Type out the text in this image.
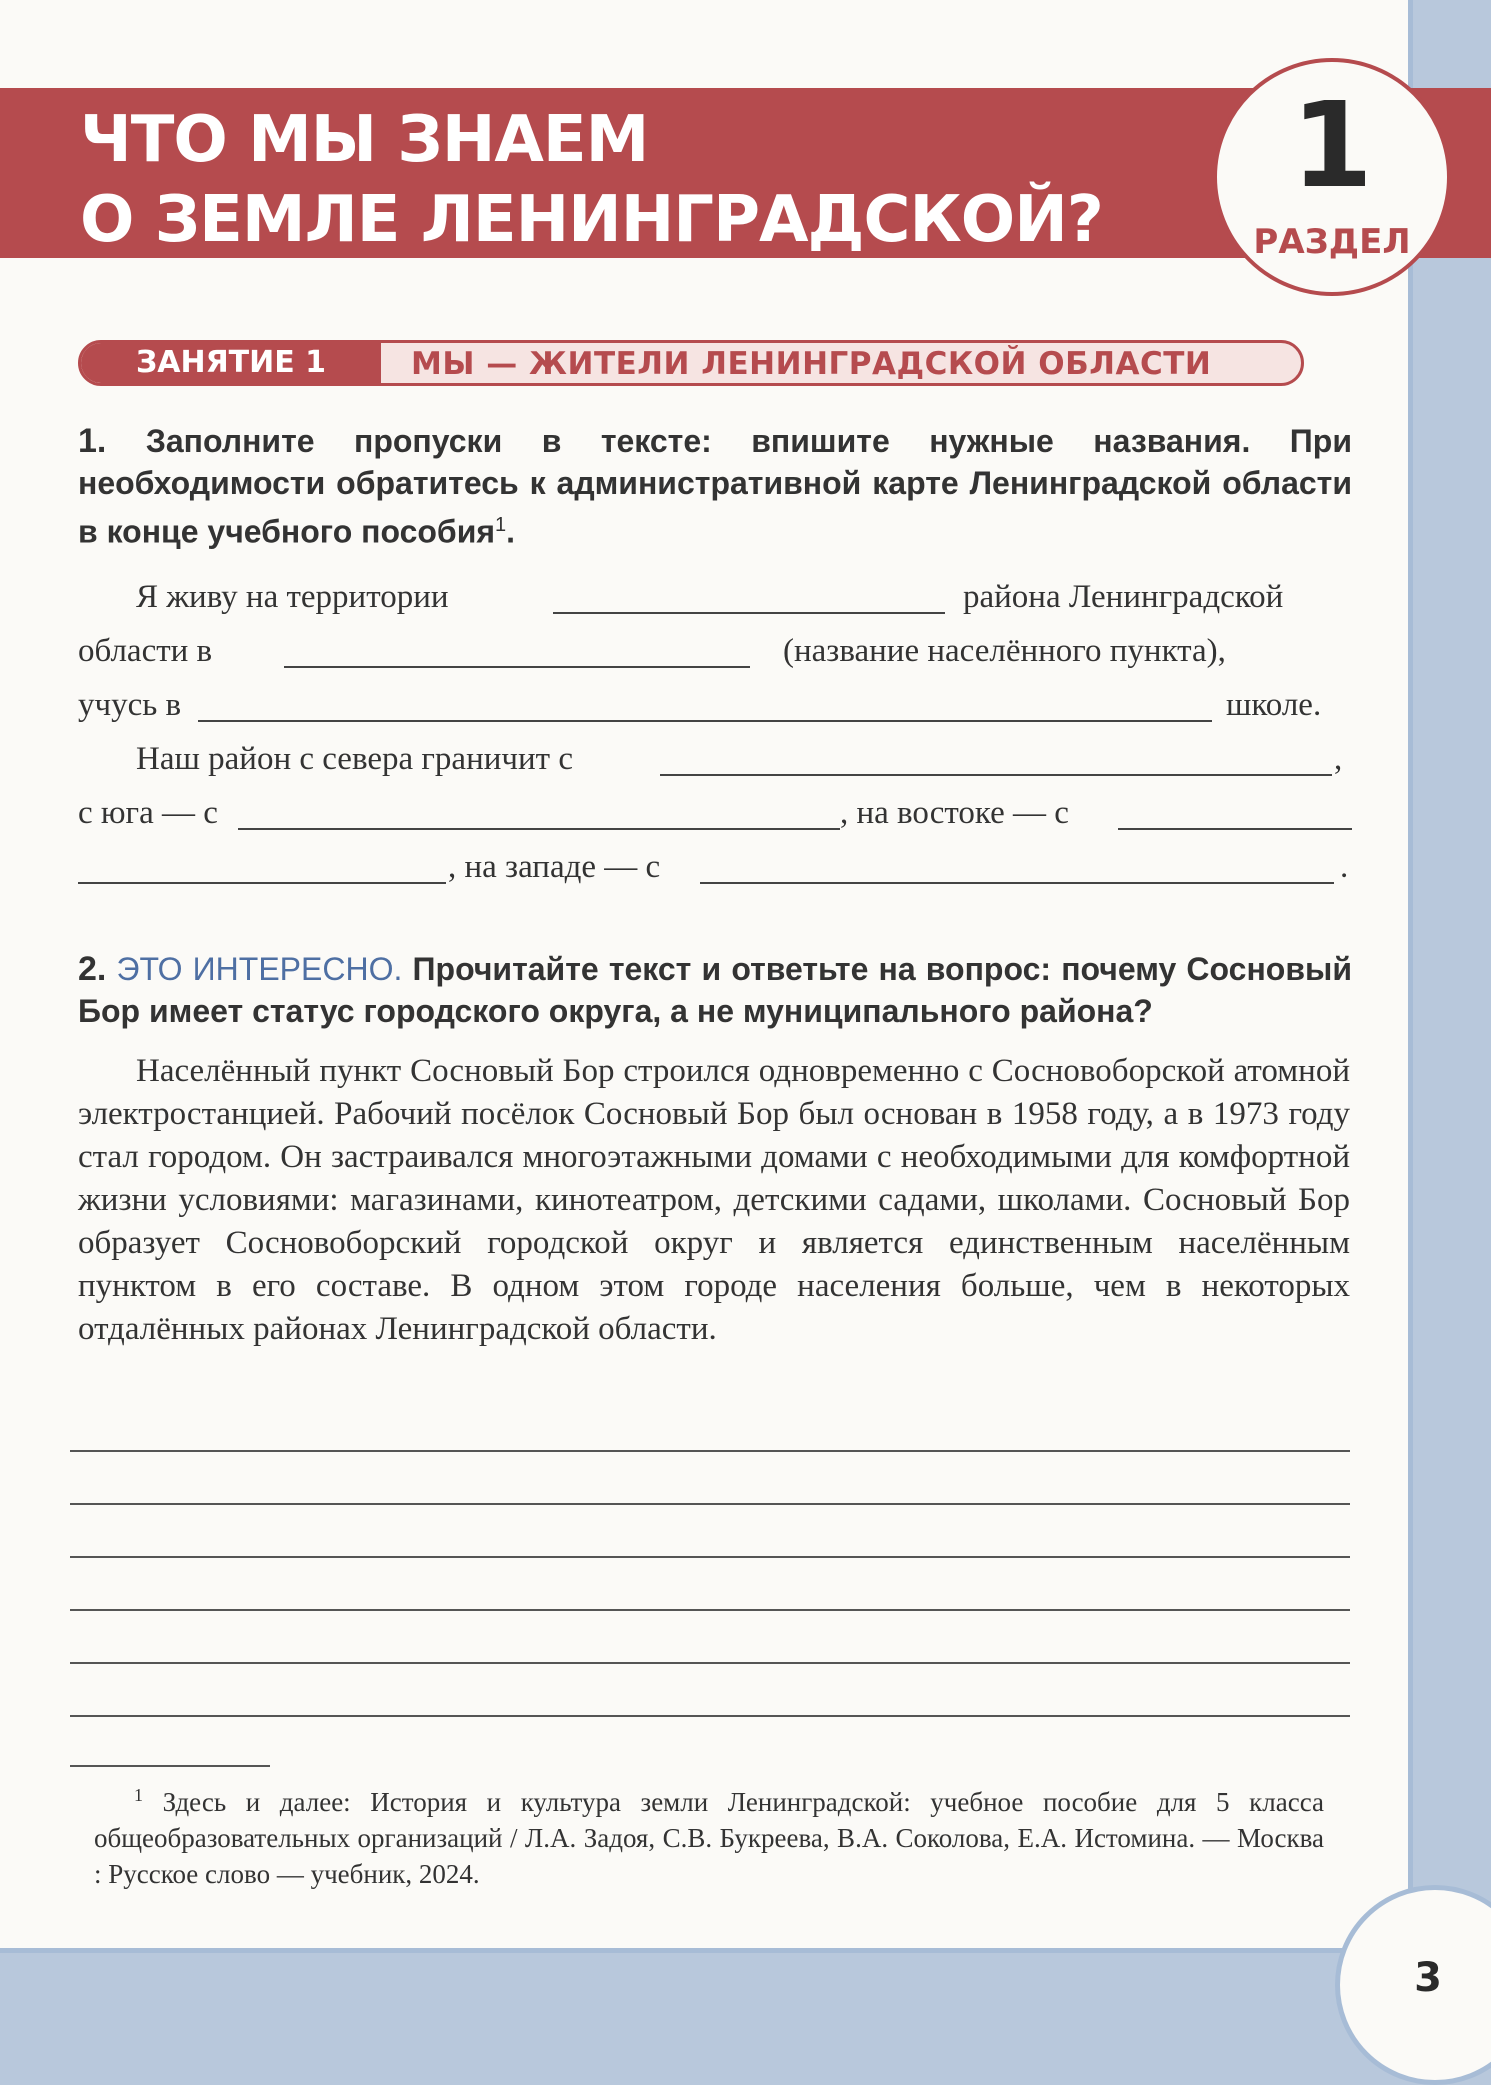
ЧТО МЫ ЗНАЕМ
О ЗЕМЛЕ ЛЕНИНГРАДСКОЙ?
1
РАЗДЕЛ
ЗАНЯТИЕ 1	МЫ — ЖИТЕЛИ ЛЕНИНГРАДСКОЙ ОБЛАСТИ
1. Заполните пропуски в тексте: впишите нужные названия. При необходимости обратитесь к административной карте Ленинградской области в конце учебного пособия$^1$.
Я живу на территории	района Ленинградской
области в	(название населённого пункта),
учусь в	школе.
Наш район с севера граничит с	,
с юга — с	, на востоке — с
, на западе — с	.
2. ЭТО ИНТЕРЕСНО. Прочитайте текст и ответьте на вопрос: почему Сосновый Бор имеет статус городского округа, а не муниципального района?
Населённый пункт Сосновый Бор строился одновременно с Сосновоборской атомной электростанцией. Рабочий посёлок Сосновый Бор был основан в 1958 году, а в 1973 году стал городом. Он застраивался многоэтажными домами с необходимыми для комфортной жизни условиями: магазинами, кинотеатром, детскими садами, школами. Сосновый Бор образует Сосновоборский городской округ и является единственным населённым пунктом в его составе. В одном этом городе населения больше, чем в некоторых отдалённых районах Ленинградской области.
$^1$ Здесь и далее: История и культура земли Ленинградской: учебное пособие для 5 класса общеобразовательных организаций / Л.А. Задоя, С.В. Букреева, В.А. Соколова, Е.А. Истомина. — Москва : Русское слово — учебник, 2024.
3
